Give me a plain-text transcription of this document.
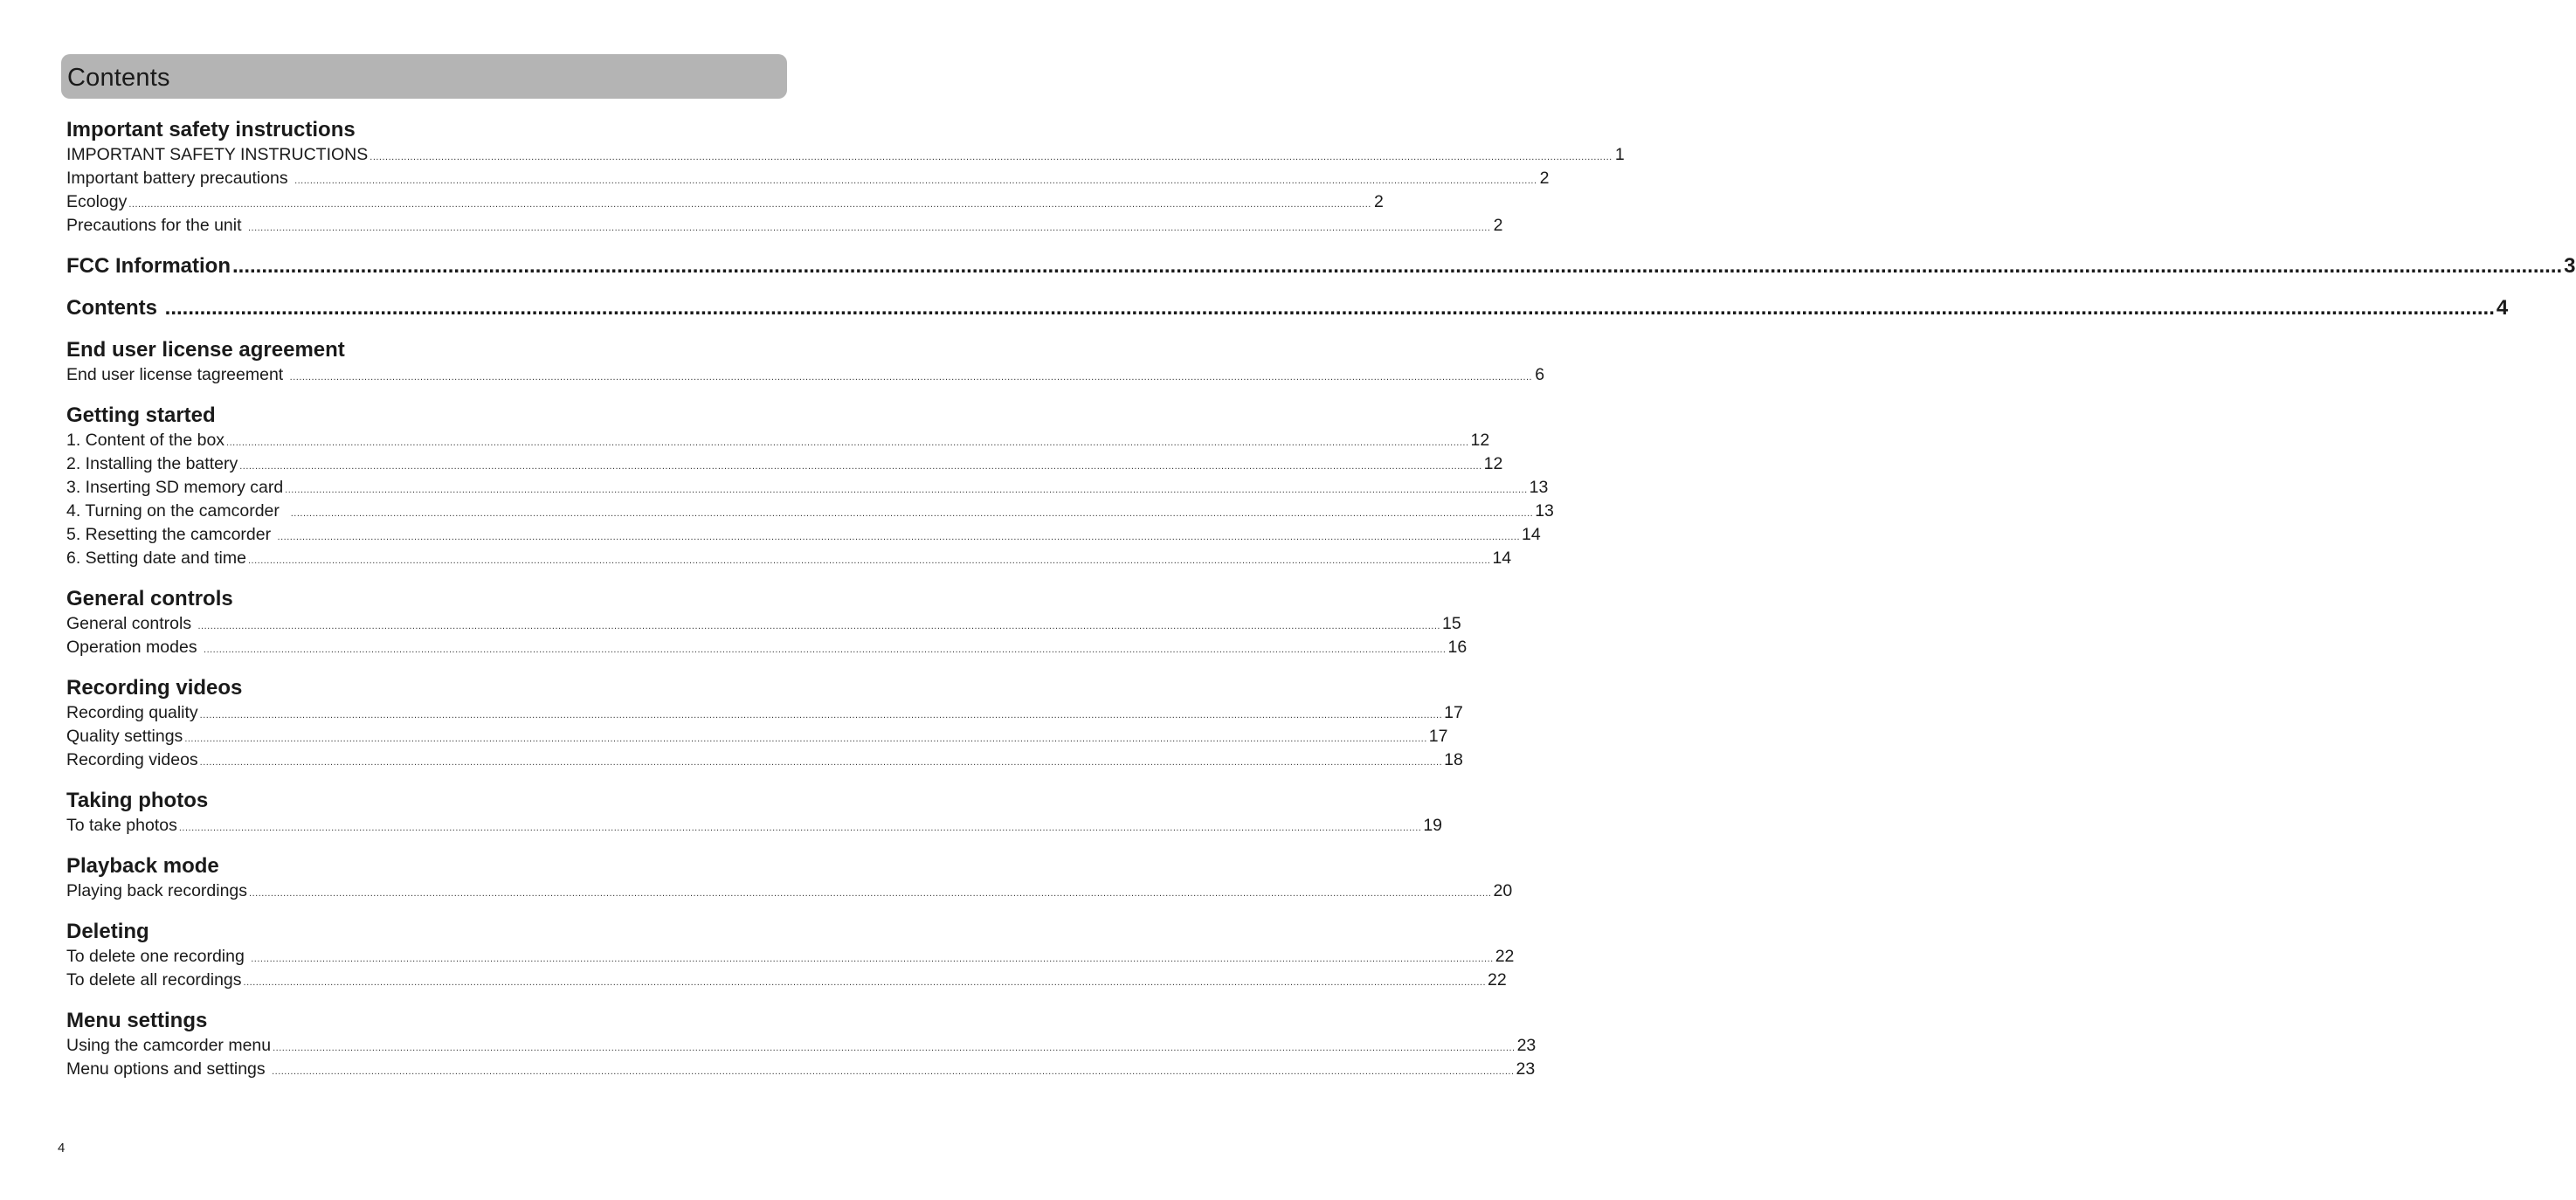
Contents
Important safety instructions
IMPORTANT SAFETY INSTRUCTIONS ................................................................................................................................................................................................................................................................................................................................................................................................................ 1
Important battery precautions ................................................................................................................................................................................................................................................................................................................................................................................................................ 2
Ecology ................................................................................................................................................................................................................................................................................................................................................................................................................ 2
Precautions for the unit ................................................................................................................................................................................................................................................................................................................................................................................................................ 2
FCC Information ................................................................................................................................................................................................................................................................................................................................................................................................................ 3
Contents ................................................................................................................................................................................................................................................................................................................................................................................................................ 4
End user license agreement
End user license tagreement ................................................................................................................................................................................................................................................................................................................................................................................................................ 6
Getting started
1. Content of the box ................................................................................................................................................................................................................................................................................................................................................................................................................ 12
2. Installing the battery ................................................................................................................................................................................................................................................................................................................................................................................................................ 12
3. Inserting SD memory card ................................................................................................................................................................................................................................................................................................................................................................................................................ 13
4. Turning on the camcorder ................................................................................................................................................................................................................................................................................................................................................................................................................ 13
5. Resetting the camcorder ................................................................................................................................................................................................................................................................................................................................................................................................................ 14
6. Setting date and time ................................................................................................................................................................................................................................................................................................................................................................................................................ 14
General controls
General controls ................................................................................................................................................................................................................................................................................................................................................................................................................ 15
Operation modes ................................................................................................................................................................................................................................................................................................................................................................................................................ 16
Recording videos
Recording quality ................................................................................................................................................................................................................................................................................................................................................................................................................ 17
Quality settings ................................................................................................................................................................................................................................................................................................................................................................................................................ 17
Recording videos ................................................................................................................................................................................................................................................................................................................................................................................................................ 18
Taking photos
To take photos ................................................................................................................................................................................................................................................................................................................................................................................................................ 19
Playback mode
Playing back recordings ................................................................................................................................................................................................................................................................................................................................................................................................................ 20
Deleting
To delete one recording ................................................................................................................................................................................................................................................................................................................................................................................................................ 22
To delete all recordings ................................................................................................................................................................................................................................................................................................................................................................................................................ 22
Menu settings
Using the camcorder menu ................................................................................................................................................................................................................................................................................................................................................................................................................ 23
Menu options and settings ................................................................................................................................................................................................................................................................................................................................................................................................................ 23
4
